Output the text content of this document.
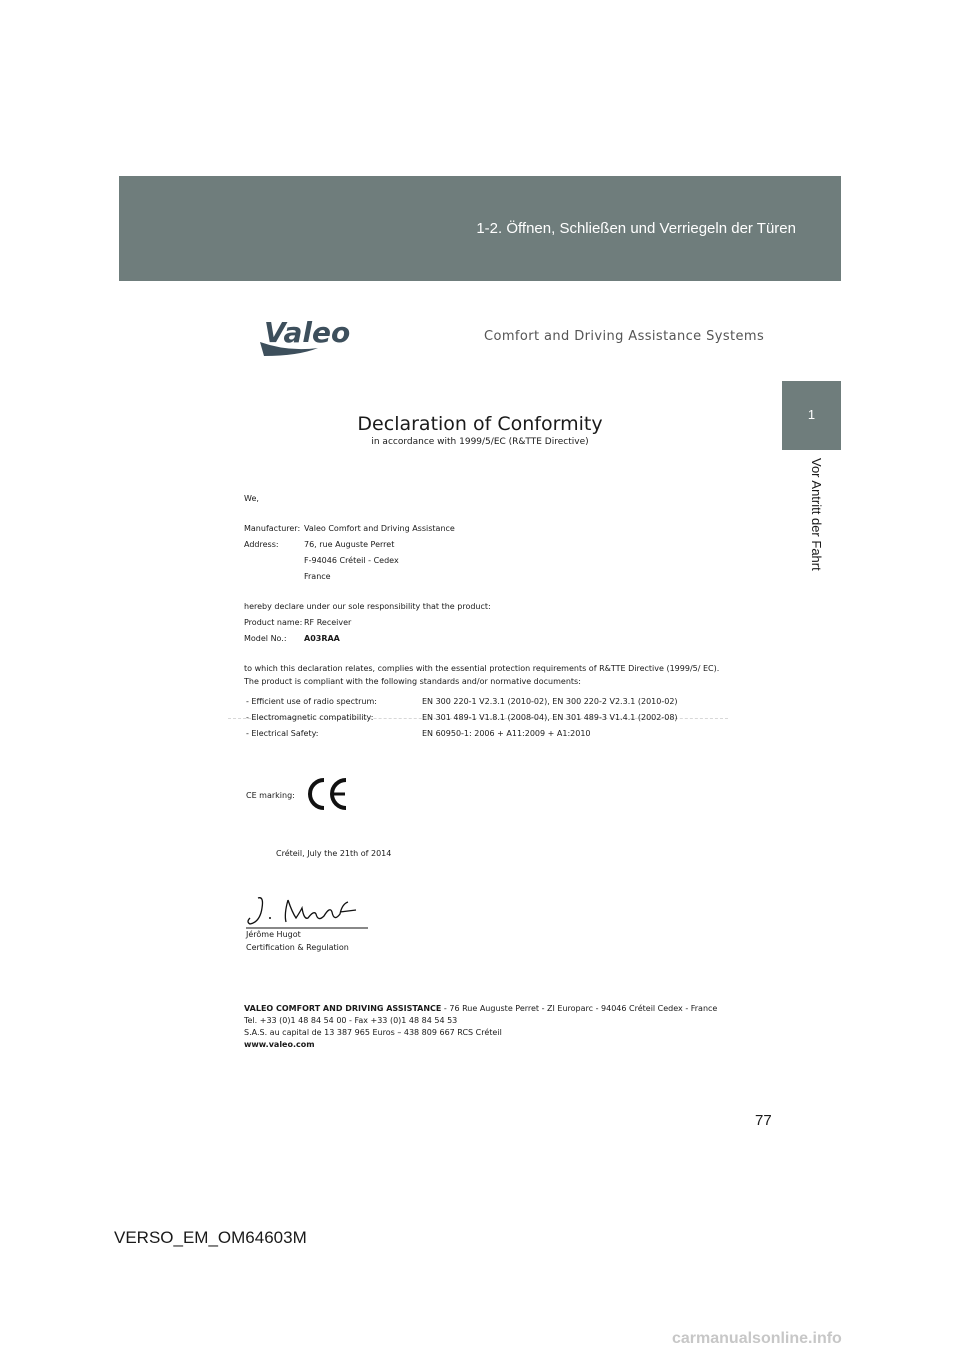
1-2. Öffnen, Schließen und Verriegeln der Türen
1
Vor Antritt der Fahrt
Valeo	Comfort and Driving Assistance Systems
Declaration of Conformity
in accordance with 1999/5/EC (R&TTE Directive)
We,
Manufacturer: Valeo Comfort and Driving Assistance
Address:	76, rue Auguste Perret
F-94046 Créteil - Cedex
France
hereby declare under our sole responsibility that the product:
Product name: RF Receiver
Model No.: A03RAA
to which this declaration relates, complies with the essential protection requirements of R&TTE Directive (1999/5/ EC).
The product is compliant with the following standards and/or normative documents:
- Efficient use of radio spectrum:	EN 300 220-1 V2.3.1 (2010-02), EN 300 220-2 V2.3.1 (2010-02)
- Electromagnetic compatibility:	EN 301 489-1 V1.8.1 (2008-04), EN 301 489-3 V1.4.1 (2002-08)
- Electrical Safety:	EN 60950-1: 2006 + A11:2009 + A1:2010
CE marking:
Créteil, July the 21th of 2014
Jérôme Hugot
Certification & Regulation
VALEO COMFORT AND DRIVING ASSISTANCE - 76 Rue Auguste Perret - ZI Europarc - 94046 Créteil Cedex - France
Tel. +33 (0)1 48 84 54 00 - Fax +33 (0)1 48 84 54 53
S.A.S. au capital de 13 387 965 Euros – 438 809 667 RCS Créteil
www.valeo.com
77
VERSO_EM_OM64603M
carmanualsonline.info
